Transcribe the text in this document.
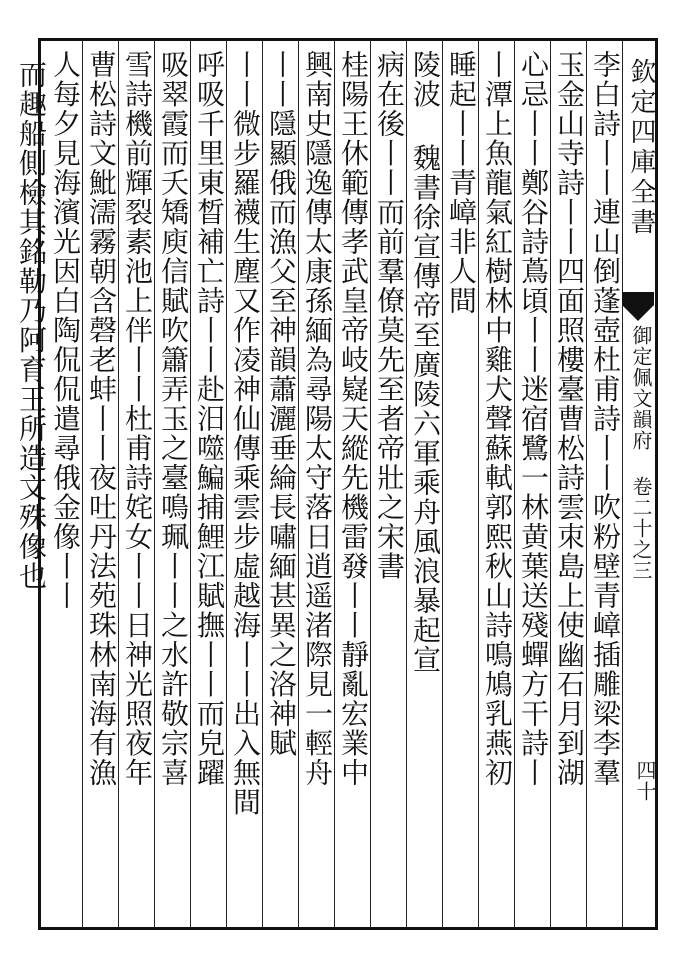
欽定四庫全書
御定佩文韻府 卷二十之三
四十
李白詩丨丨連山倒蓬壺杜甫詩丨丨吹粉壁青嶂插雕梁李羣
玉金山寺詩丨丨四面照樓臺曹松詩雲朿島上使幽石月到湖
心忌丨丨鄭谷詩蔦頃丨丨迷宿鷺一林黄葉送殘蟬方干詩丨
丨潭上魚龍氣紅樹林中雞犬聲蘇軾郭熙秋山詩鳴鳩乳燕初
睡起丨丨青嶂非人間
陵波 魏書徐宣傳帝至廣陵六軍乘舟風浪暴起宣
病在後丨丨而前羣僚莫先至者帝壯之宋書
桂陽王休範傳孝武皇帝岐嶷天縱先機雷發丨丨靜亂宏業中
興南史隱逸傳太康孫緬為尋陽太守落日逍遥渚際見一輕舟
丨丨隱顯俄而漁父至神韻蕭灑垂綸長嘯緬甚異之洛神賦
丨丨微步羅襪生塵又作凌神仙傳乘雲步虛越海丨丨出入無間
呼吸千里東晳補亡詩丨丨赴汨噬鯿捕鯉江賦撫丨丨而皃躍
吸翠霞而夭矯庾信賦吹簫弄玉之臺鳴珮丨丨之水許敬宗喜
雪詩機前輝裂素池上伴丨丨杜甫詩姹女丨丨日神光照夜年
曹松詩文魮濡霧朝含磬老蚌丨丨夜吐丹法苑珠林南海有漁
人每夕見海濱光因白陶侃侃遣尋俄金像丨丨
而趣船側檢其銘勒乃阿育王所造文殊像也
